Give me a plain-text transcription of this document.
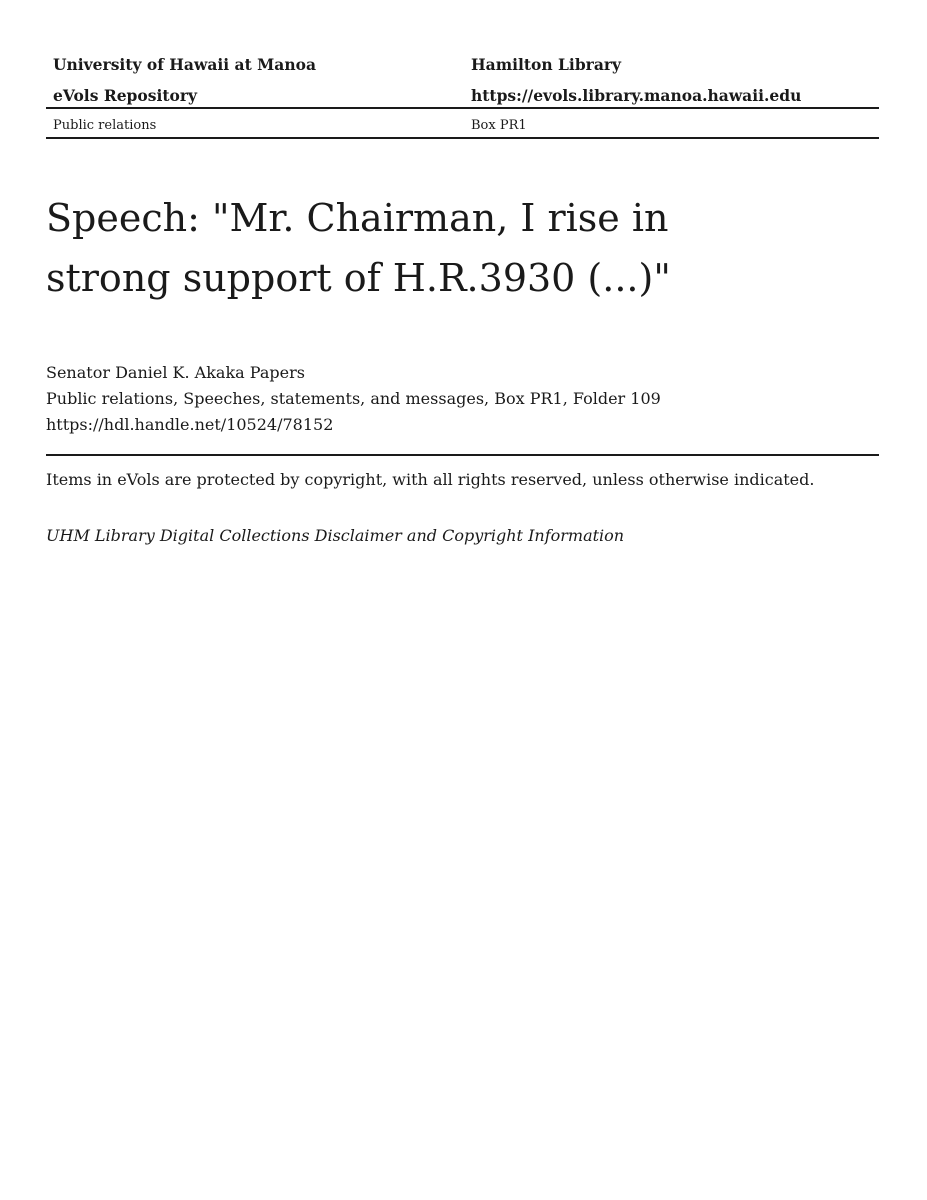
University of Hawaii at Manoa	Hamilton Library
eVols Repository	https://evols.library.manoa.hawaii.edu
Public relations	Box PR1
Speech: "Mr. Chairman, I rise in strong support of H.R.3930 (...)"
Senator Daniel K. Akaka Papers
Public relations, Speeches, statements, and messages, Box PR1, Folder 109
https://hdl.handle.net/10524/78152
Items in eVols are protected by copyright, with all rights reserved, unless otherwise indicated.
UHM Library Digital Collections Disclaimer and Copyright Information
